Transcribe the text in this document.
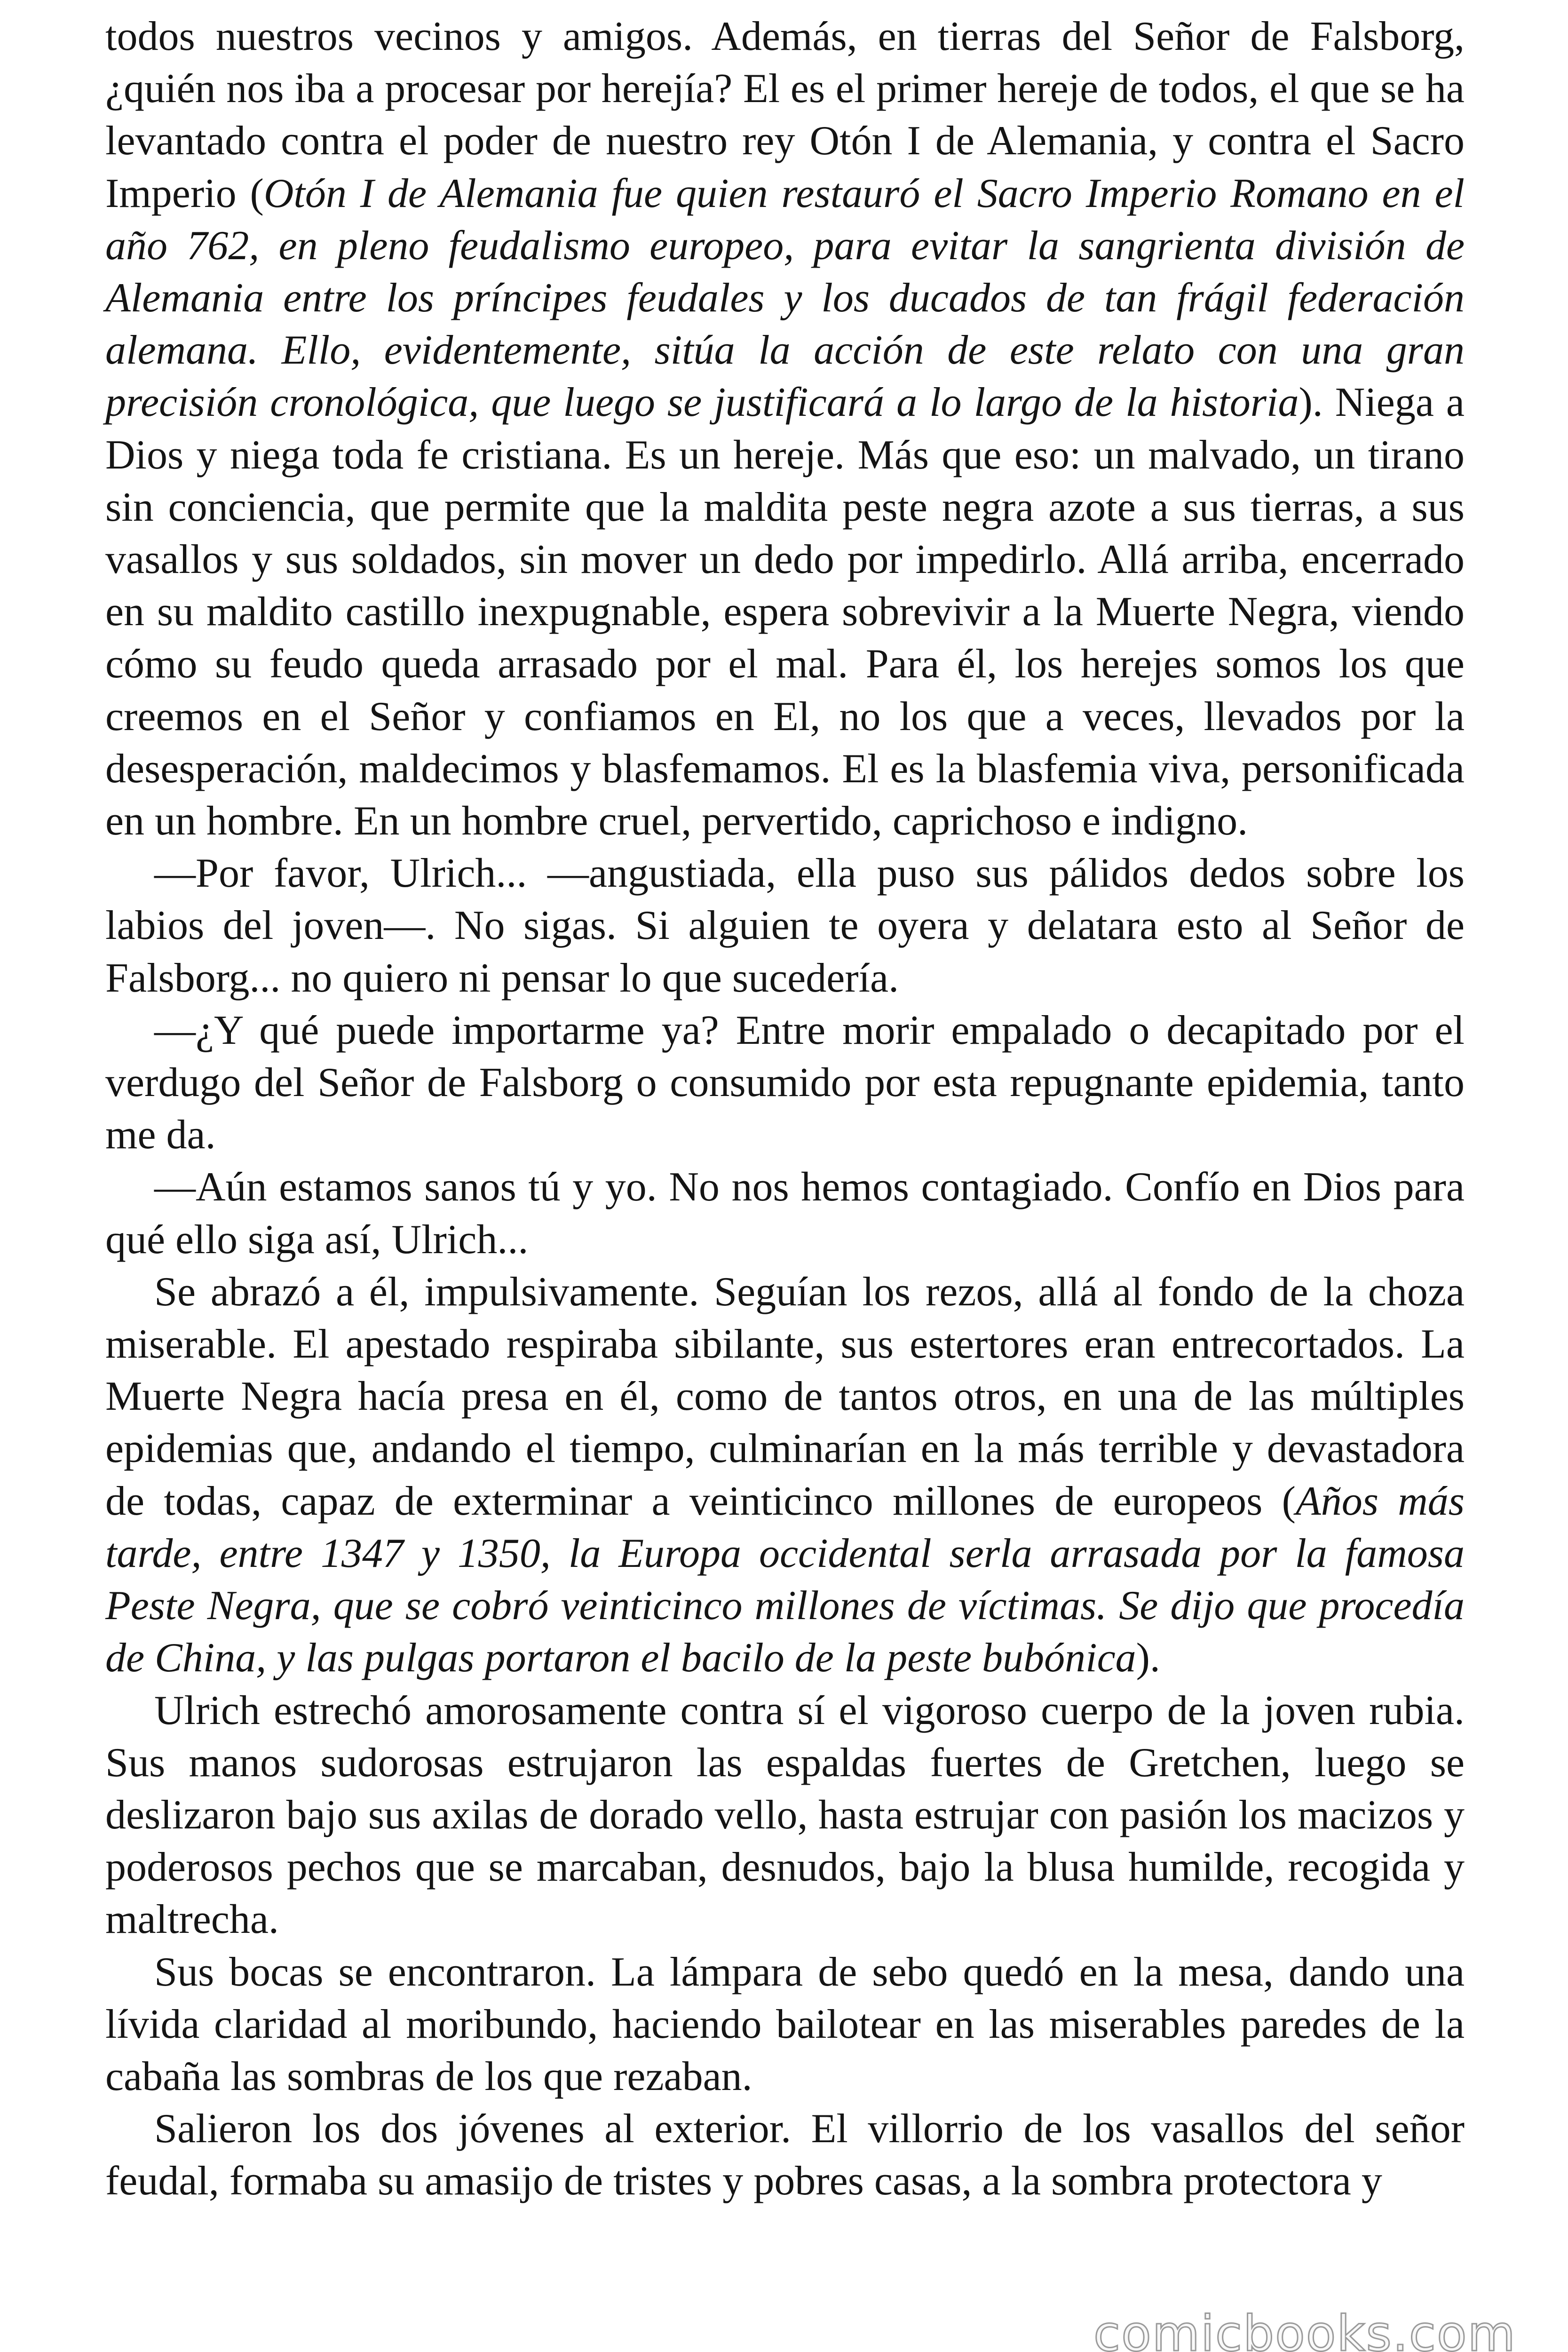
todos nuestros vecinos y amigos. Además, en tierras del Señor de Falsborg, ¿quién nos iba a procesar por herejía? El es el primer hereje de todos, el que se ha levantado contra el poder de nuestro rey Otón I de Alemania, y contra el Sacro Imperio (Otón I de Alemania fue quien restauró el Sacro Imperio Romano en el año 762, en pleno feudalismo europeo, para evitar la sangrienta división de Alemania entre los príncipes feudales y los ducados de tan frágil federación alemana. Ello, evidentemente, sitúa la acción de este relato con una gran precisión cronológica, que luego se justificará a lo largo de la historia). Niega a Dios y niega toda fe cristiana. Es un hereje. Más que eso: un malvado, un tirano sin conciencia, que permite que la maldita peste negra azote a sus tierras, a sus vasallos y sus soldados, sin mover un dedo por impedirlo. Allá arriba, encerrado en su maldito castillo inexpugnable, espera sobrevivir a la Muerte Negra, viendo cómo su feudo queda arrasado por el mal. Para él, los herejes somos los que creemos en el Señor y confiamos en El, no los que a veces, llevados por la desesperación, maldecimos y blasfemamos. El es la blasfemia viva, personificada en un hombre. En un hombre cruel, pervertido, caprichoso e indigno.

—Por favor, Ulrich... —angustiada, ella puso sus pálidos dedos sobre los labios del joven—. No sigas. Si alguien te oyera y delatara esto al Señor de Falsborg... no quiero ni pensar lo que sucedería.

—¿Y qué puede importarme ya? Entre morir empalado o decapitado por el verdugo del Señor de Falsborg o consumido por esta repugnante epidemia, tanto me da.

—Aún estamos sanos tú y yo. No nos hemos contagiado. Confío en Dios para qué ello siga así, Ulrich...

Se abrazó a él, impulsivamente. Seguían los rezos, allá al fondo de la choza miserable. El apestado respiraba sibilante, sus estertores eran entrecortados. La Muerte Negra hacía presa en él, como de tantos otros, en una de las múltiples epidemias que, andando el tiempo, culminarían en la más terrible y devastadora de todas, capaz de exterminar a veinticinco millones de europeos (Años más tarde, entre 1347 y 1350, la Europa occidental serla arrasada por la famosa Peste Negra, que se cobró veinticinco millones de víctimas. Se dijo que procedía de China, y las pulgas portaron el bacilo de la peste bubónica).

Ulrich estrechó amorosamente contra sí el vigoroso cuerpo de la joven rubia. Sus manos sudorosas estrujaron las espaldas fuertes de Gretchen, luego se deslizaron bajo sus axilas de dorado vello, hasta estrujar con pasión los macizos y poderosos pechos que se marcaban, desnudos, bajo la blusa humilde, recogida y maltrecha.

Sus bocas se encontraron. La lámpara de sebo quedó en la mesa, dando una lívida claridad al moribundo, haciendo bailotear en las miserables paredes de la cabaña las sombras de los que rezaban.

Salieron los dos jóvenes al exterior. El villorrio de los vasallos del señor feudal, formaba su amasijo de tristes y pobres casas, a la sombra protectora y

comicbooks.com
